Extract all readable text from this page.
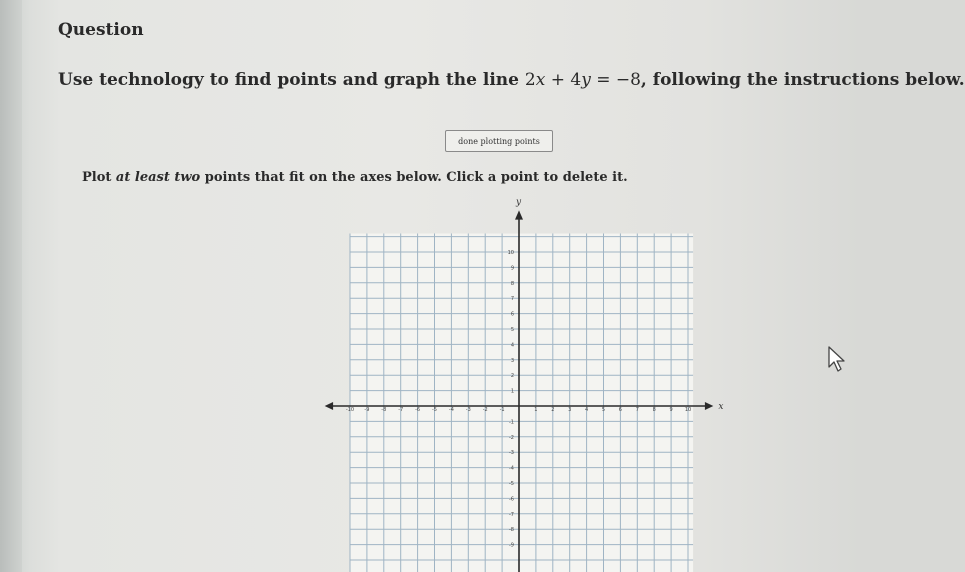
Question
Use technology to find points and graph the line 2x + 4y = −8, following the instructions below.
done plotting points
Plot at least two points that fit on the axes below. Click a point to delete it.
x
y
-10 -9 -8 -7 -6 -5 -4 -3 -2 -1	1	2	3	4	5	6	7	8	9 10
10
9
8
7
6
5
4
3
2
1
-1
-2
-3
-4
-5
-6
-7
-8
-9
